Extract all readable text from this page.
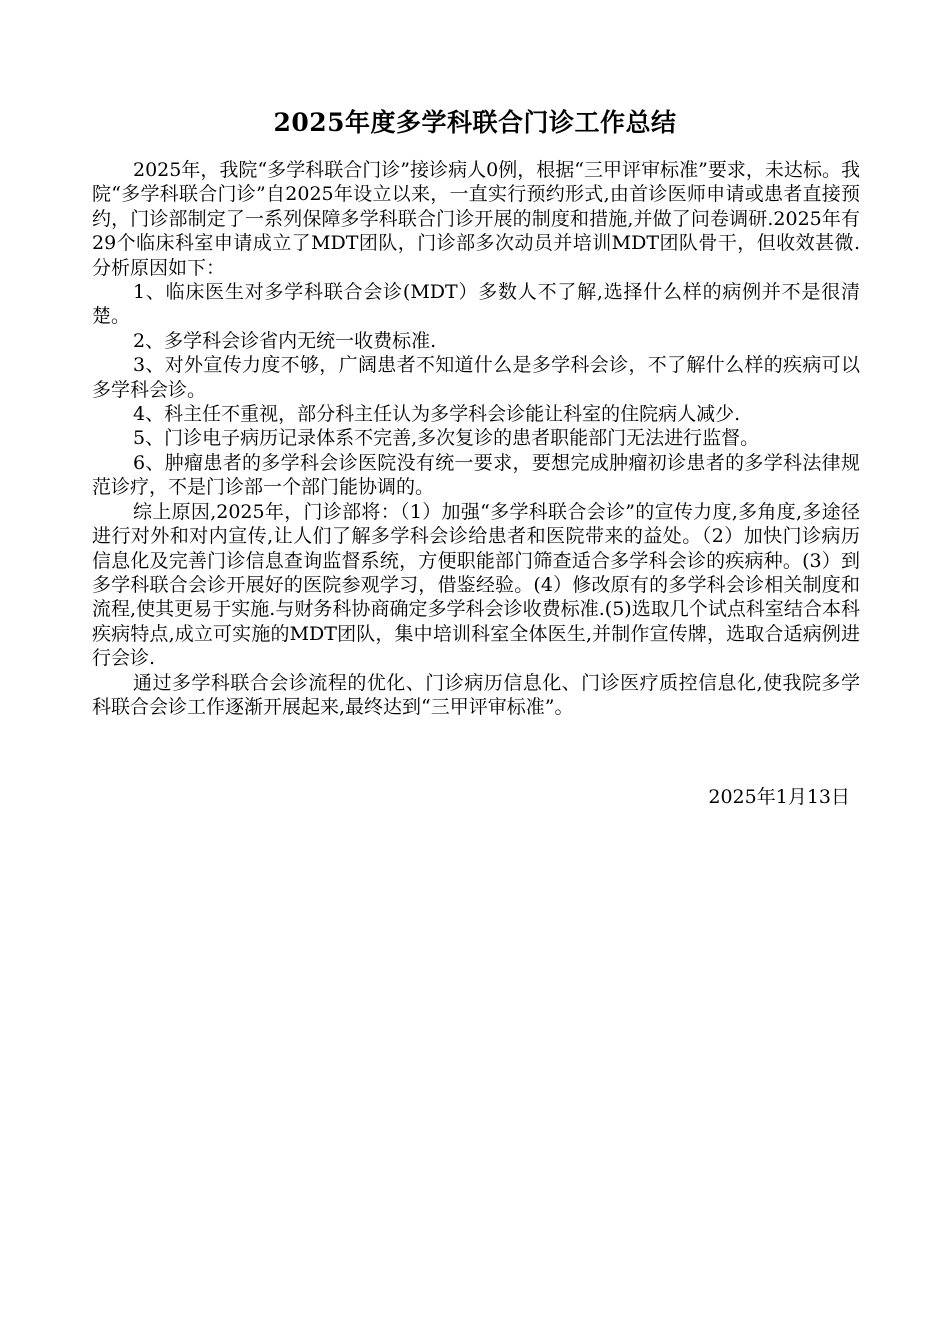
2025年度多学科联合门诊工作总结

2025年，我院“多学科联合门诊”接诊病人0例，根据“三甲评审标准”要求，未达标。我院“多学科联合门诊”自2025年设立以来，一直实行预约形式,由首诊医师申请或患者直接预约，门诊部制定了一系列保障多学科联合门诊开展的制度和措施,并做了问卷调研.2025年有29个临床科室申请成立了MDT团队，门诊部多次动员并培训MDT团队骨干，但收效甚微.分析原因如下：

1、临床医生对多学科联合会诊(MDT）多数人不了解,选择什么样的病例并不是很清楚。

2、多学科会诊省内无统一收费标准.

3、对外宣传力度不够，广阔患者不知道什么是多学科会诊，不了解什么样的疾病可以多学科会诊。

4、科主任不重视，部分科主任认为多学科会诊能让科室的住院病人减少.

5、门诊电子病历记录体系不完善,多次复诊的患者职能部门无法进行监督。

6、肿瘤患者的多学科会诊医院没有统一要求，要想完成肿瘤初诊患者的多学科法律规范诊疗，不是门诊部一个部门能协调的。

综上原因,2025年，门诊部将：（1）加强“多学科联合会诊”的宣传力度,多角度,多途径进行对外和对内宣传,让人们了解多学科会诊给患者和医院带来的益处。（2）加快门诊病历信息化及完善门诊信息查询监督系统，方便职能部门筛查适合多学科会诊的疾病种。(3）到多学科联合会诊开展好的医院参观学习，借鉴经验。(4）修改原有的多学科会诊相关制度和流程,使其更易于实施.与财务科协商确定多学科会诊收费标准.(5)选取几个试点科室结合本科疾病特点,成立可实施的MDT团队，集中培训科室全体医生,并制作宣传牌，选取合适病例进行会诊.

通过多学科联合会诊流程的优化、门诊病历信息化、门诊医疗质控信息化,使我院多学科联合会诊工作逐渐开展起来,最终达到“三甲评审标准”。

2025年1月13日
